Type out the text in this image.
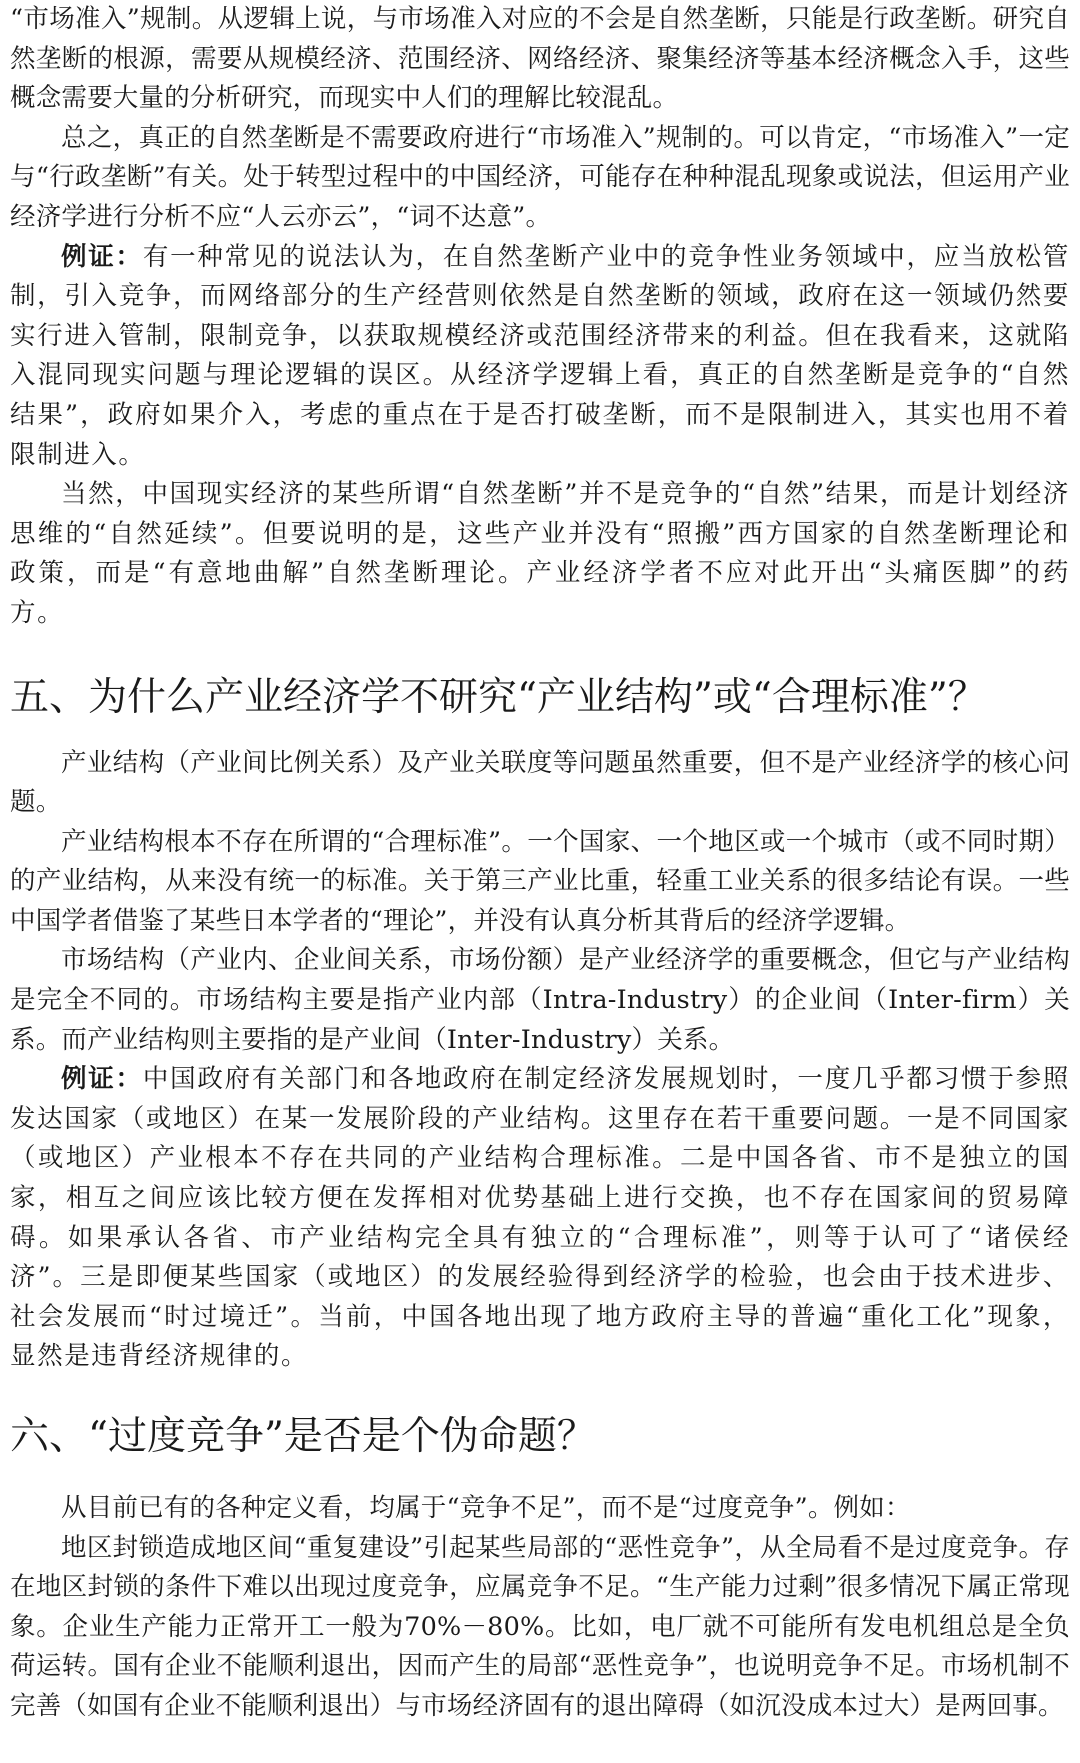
“市场准入”规制。从逻辑上说，与市场准入对应的不会是自然垄断，只能是行政垄断。研究自然垄断的根源，需要从规模经济、范围经济、网络经济、聚集经济等基本经济概念入手，这些概念需要大量的分析研究，而现实中人们的理解比较混乱。

总之，真正的自然垄断是不需要政府进行“市场准入”规制的。可以肯定，“市场准入”一定与“行政垄断”有关。处于转型过程中的中国经济，可能存在种种混乱现象或说法，但运用产业经济学进行分析不应“人云亦云”，“词不达意”。

例证：有一种常见的说法认为，在自然垄断产业中的竞争性业务领域中，应当放松管制，引入竞争，而网络部分的生产经营则依然是自然垄断的领域，政府在这一领域仍然要实行进入管制，限制竞争，以获取规模经济或范围经济带来的利益。但在我看来，这就陷入混同现实问题与理论逻辑的误区。从经济学逻辑上看，真正的自然垄断是竞争的“自然结果”，政府如果介入，考虑的重点在于是否打破垄断，而不是限制进入，其实也用不着限制进入。

当然，中国现实经济的某些所谓“自然垄断”并不是竞争的“自然”结果，而是计划经济思维的“自然延续”。但要说明的是，这些产业并没有“照搬”西方国家的自然垄断理论和政策，而是“有意地曲解”自然垄断理论。产业经济学者不应对此开出“头痛医脚”的药方。

五、为什么产业经济学不研究“产业结构”或“合理标准”？

产业结构（产业间比例关系）及产业关联度等问题虽然重要，但不是产业经济学的核心问题。

产业结构根本不存在所谓的“合理标准”。一个国家、一个地区或一个城市（或不同时期）的产业结构，从来没有统一的标准。关于第三产业比重，轻重工业关系的很多结论有误。一些中国学者借鉴了某些日本学者的“理论”，并没有认真分析其背后的经济学逻辑。

市场结构（产业内、企业间关系，市场份额）是产业经济学的重要概念，但它与产业结构是完全不同的。市场结构主要是指产业内部（Intra-Industry）的企业间（Inter-firm）关系。而产业结构则主要指的是产业间（Inter-Industry）关系。

例证：中国政府有关部门和各地政府在制定经济发展规划时，一度几乎都习惯于参照发达国家（或地区）在某一发展阶段的产业结构。这里存在若干重要问题。一是不同国家（或地区）产业根本不存在共同的产业结构合理标准。二是中国各省、市不是独立的国家，相互之间应该比较方便在发挥相对优势基础上进行交换，也不存在国家间的贸易障碍。如果承认各省、市产业结构完全具有独立的“合理标准”，则等于认可了“诸侯经济”。三是即便某些国家（或地区）的发展经验得到经济学的检验，也会由于技术进步、社会发展而“时过境迁”。当前，中国各地出现了地方政府主导的普遍“重化工化”现象，显然是违背经济规律的。

六、“过度竞争”是否是个伪命题？

从目前已有的各种定义看，均属于“竞争不足”，而不是“过度竞争”。例如：

地区封锁造成地区间“重复建设”引起某些局部的“恶性竞争”，从全局看不是过度竞争。存在地区封锁的条件下难以出现过度竞争，应属竞争不足。“生产能力过剩”很多情况下属正常现象。企业生产能力正常开工一般为70%－80%。比如，电厂就不可能所有发电机组总是全负荷运转。国有企业不能顺利退出，因而产生的局部“恶性竞争”，也说明竞争不足。市场机制不完善（如国有企业不能顺利退出）与市场经济固有的退出障碍（如沉没成本过大）是两回事。
